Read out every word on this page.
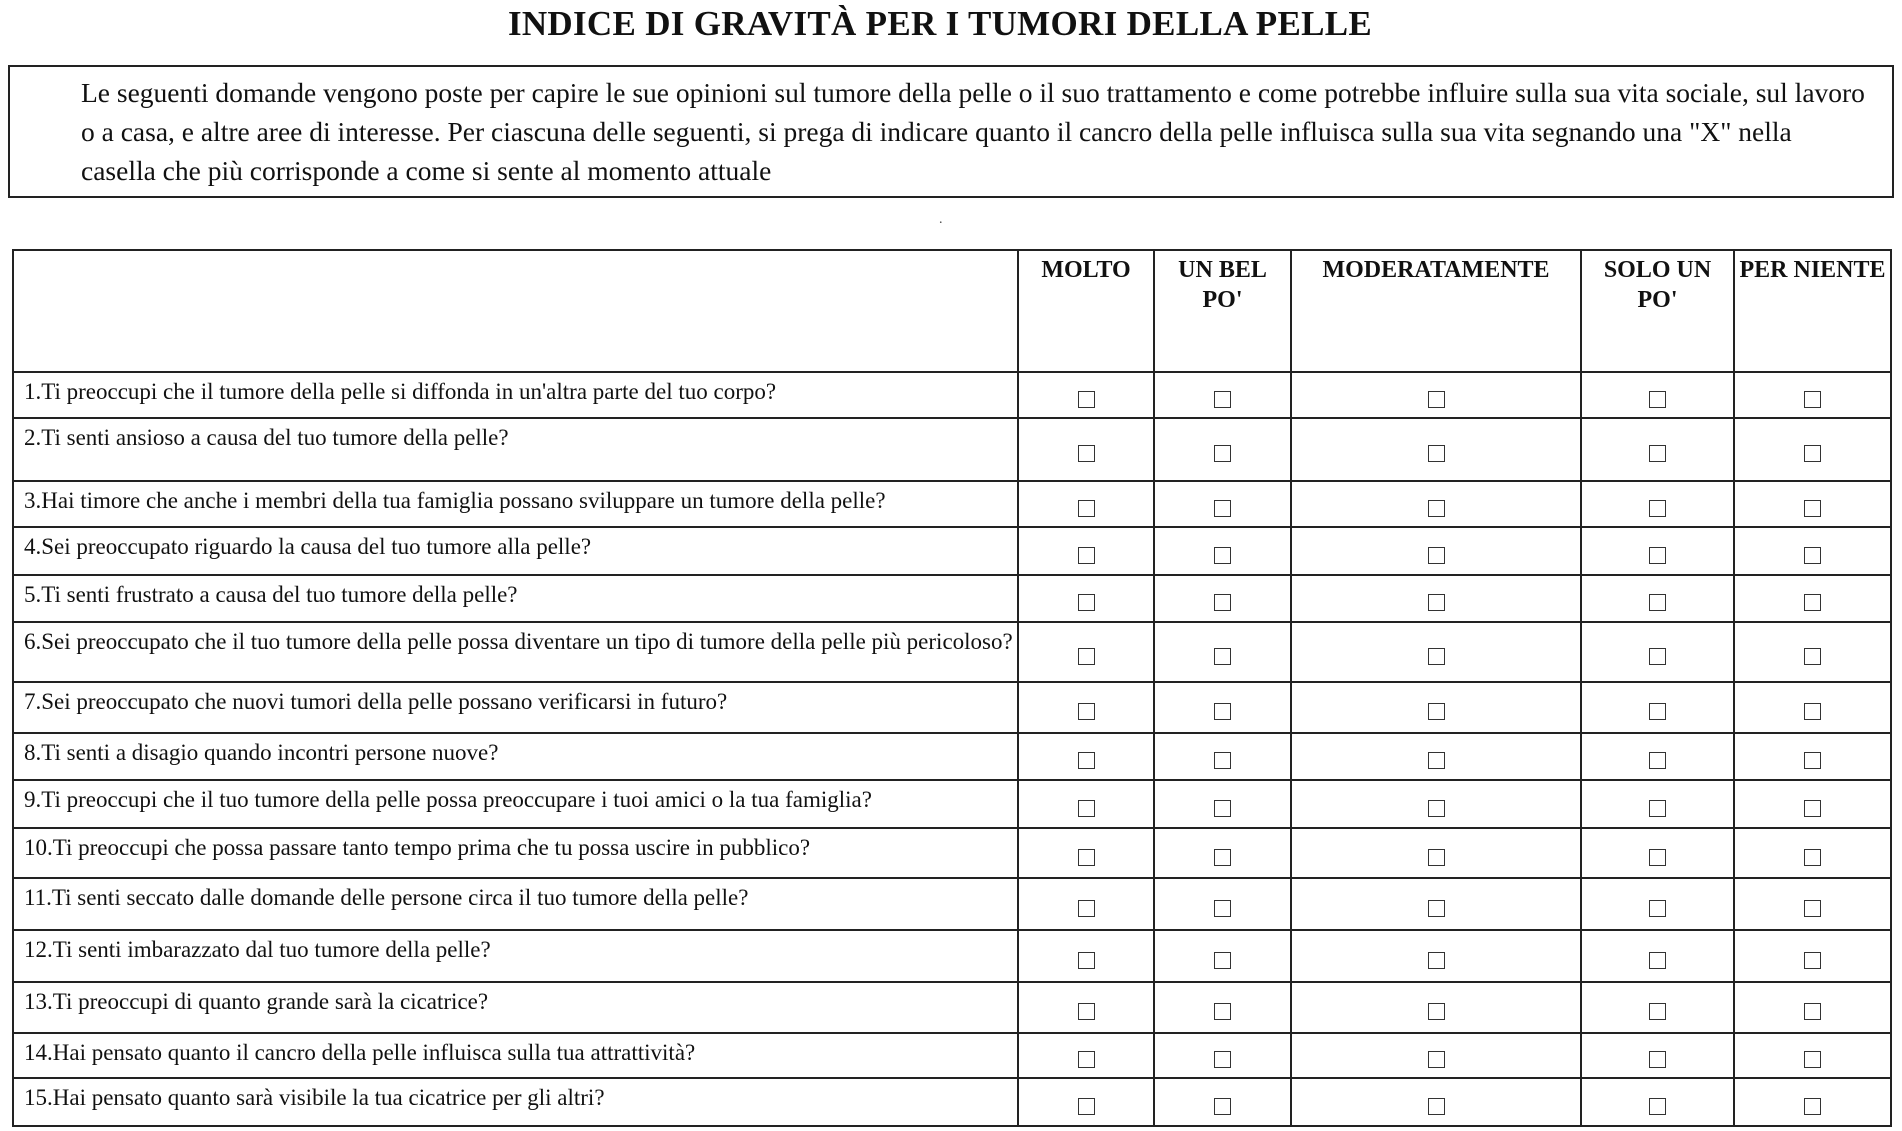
INDICE DI GRAVITÀ PER I TUMORI DELLA PELLE
Le seguenti domande vengono poste per capire le sue opinioni sul tumore della pelle o il suo trattamento e come potrebbe influire sulla sua vita sociale, sul lavoro o a casa, e altre aree di interesse. Per ciascuna delle seguenti, si prega di indicare quanto il cancro della pelle influisca sulla sua vita segnando una "X" nella casella che più corrisponde a come si sente al momento attuale
.
	MOLTO	UN BEL PO'	MODERATAMENTE	SOLO UN PO'	PER NIENTE
1.Ti preoccupi che il tumore della pelle si diffonda in un'altra parte del tuo corpo?					
2.Ti senti ansioso a causa del tuo tumore della pelle?					
3.Hai timore che anche i membri della tua famiglia possano sviluppare un tumore della pelle?					
4.Sei preoccupato riguardo la causa del tuo tumore alla pelle?					
5.Ti senti frustrato a causa del tuo tumore della pelle?					
6.Sei preoccupato che il tuo tumore della pelle possa diventare un tipo di tumore della pelle più pericoloso?					
7.Sei preoccupato che nuovi tumori della pelle possano verificarsi in futuro?					
8.Ti senti a disagio quando incontri persone nuove?					
9.Ti preoccupi che il tuo tumore della pelle possa preoccupare i tuoi amici o la tua famiglia?					
10.Ti preoccupi che possa passare tanto tempo prima che tu possa uscire in pubblico?					
11.Ti senti seccato dalle domande delle persone circa il tuo tumore della pelle?					
12.Ti senti imbarazzato dal tuo tumore della pelle?					
13.Ti preoccupi di quanto grande sarà la cicatrice?					
14.Hai pensato quanto il cancro della pelle influisca sulla tua attrattività?					
15.Hai pensato quanto sarà visibile la tua cicatrice per gli altri?					
